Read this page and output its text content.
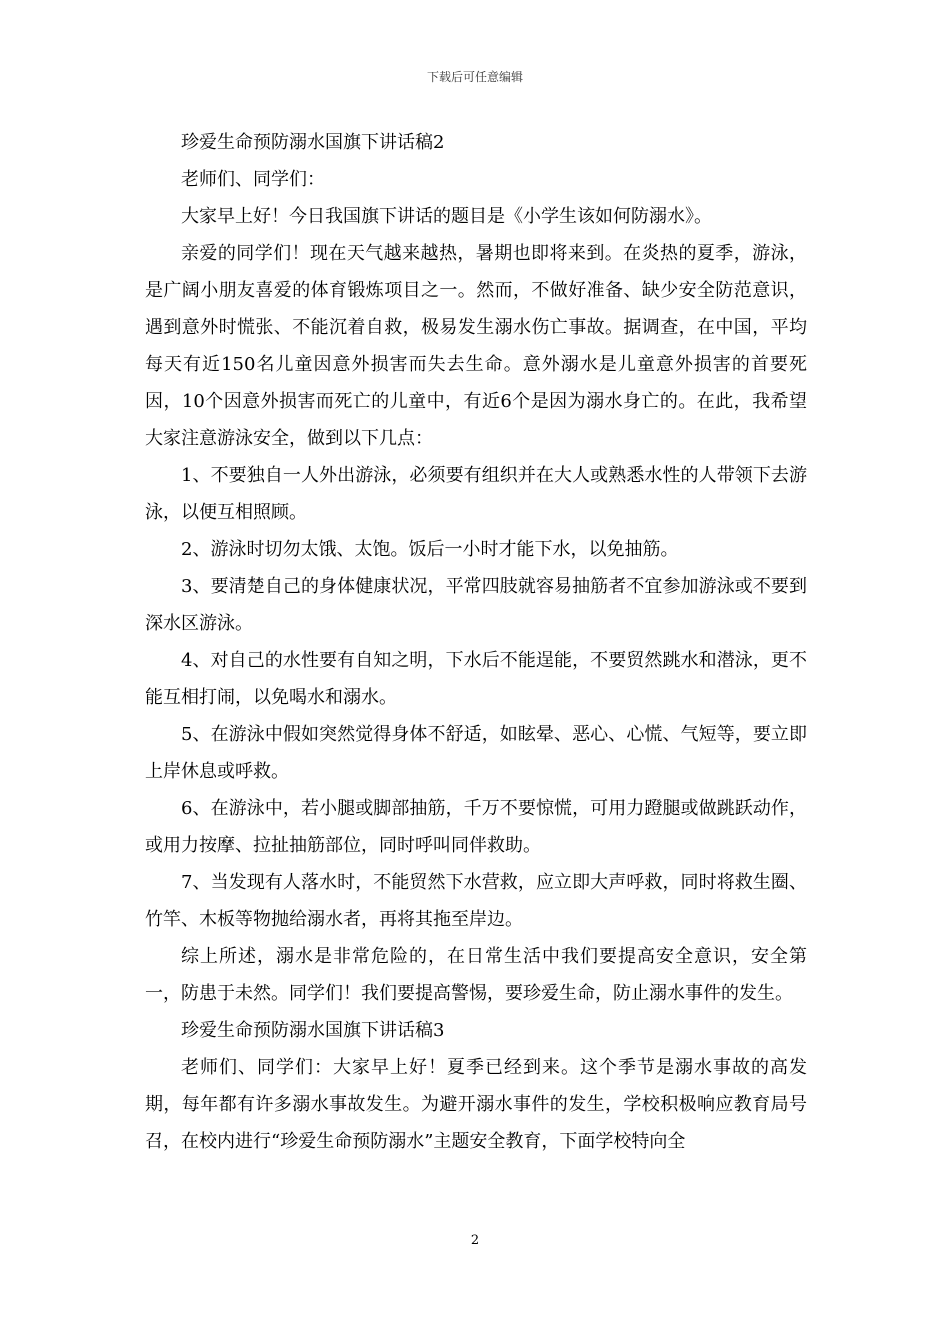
下载后可任意编辑

珍爱生命预防溺水国旗下讲话稿2

老师们、同学们：

大家早上好！今日我国旗下讲话的题目是《小学生该如何防溺水》。

亲爱的同学们！现在天气越来越热，暑期也即将来到。在炎热的夏季，游泳，是广阔小朋友喜爱的体育锻炼项目之一。然而，不做好准备、缺少安全防范意识，遇到意外时慌张、不能沉着自救，极易发生溺水伤亡事故。据调查，在中国，平均每天有近150名儿童因意外损害而失去生命。意外溺水是儿童意外损害的首要死因，10个因意外损害而死亡的儿童中，有近6个是因为溺水身亡的。在此，我希望大家注意游泳安全，做到以下几点：

1、不要独自一人外出游泳，必须要有组织并在大人或熟悉水性的人带领下去游泳，以便互相照顾。

2、游泳时切勿太饿、太饱。饭后一小时才能下水，以免抽筋。

3、要清楚自己的身体健康状况，平常四肢就容易抽筋者不宜参加游泳或不要到深水区游泳。

4、对自己的水性要有自知之明，下水后不能逞能，不要贸然跳水和潜泳，更不能互相打闹，以免喝水和溺水。

5、在游泳中假如突然觉得身体不舒适，如眩晕、恶心、心慌、气短等，要立即上岸休息或呼救。

6、在游泳中，若小腿或脚部抽筋，千万不要惊慌，可用力蹬腿或做跳跃动作，或用力按摩、拉扯抽筋部位，同时呼叫同伴救助。

7、当发现有人落水时，不能贸然下水营救，应立即大声呼救，同时将救生圈、竹竿、木板等物抛给溺水者，再将其拖至岸边。

综上所述，溺水是非常危险的，在日常生活中我们要提高安全意识，安全第一，防患于未然。同学们！我们要提高警惕，要珍爱生命，防止溺水事件的发生。

珍爱生命预防溺水国旗下讲话稿3

老师们、同学们：大家早上好！夏季已经到来。这个季节是溺水事故的高发期，每年都有许多溺水事故发生。为避开溺水事件的发生，学校积极响应教育局号召，在校内进行“珍爱生命预防溺水”主题安全教育，下面学校特向全

2
